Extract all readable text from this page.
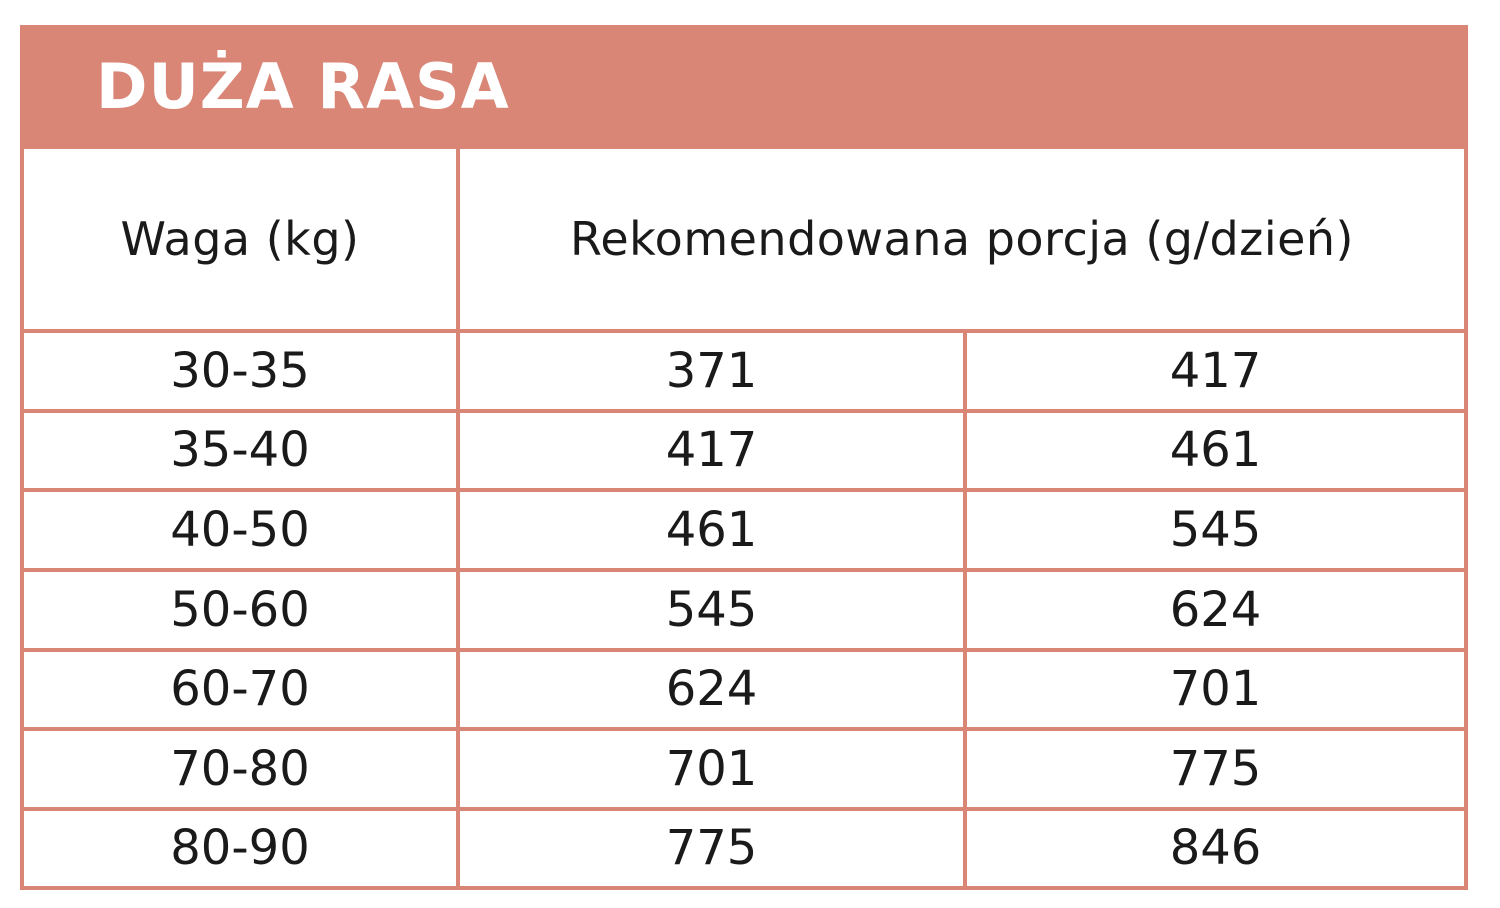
DUŻA RASA
Waga (kg)	Rekomendowana porcja (g/dzień)	
30-35	371	417
35-40	417	461
40-50	461	545
50-60	545	624
60-70	624	701
70-80	701	775
80-90	775	846
